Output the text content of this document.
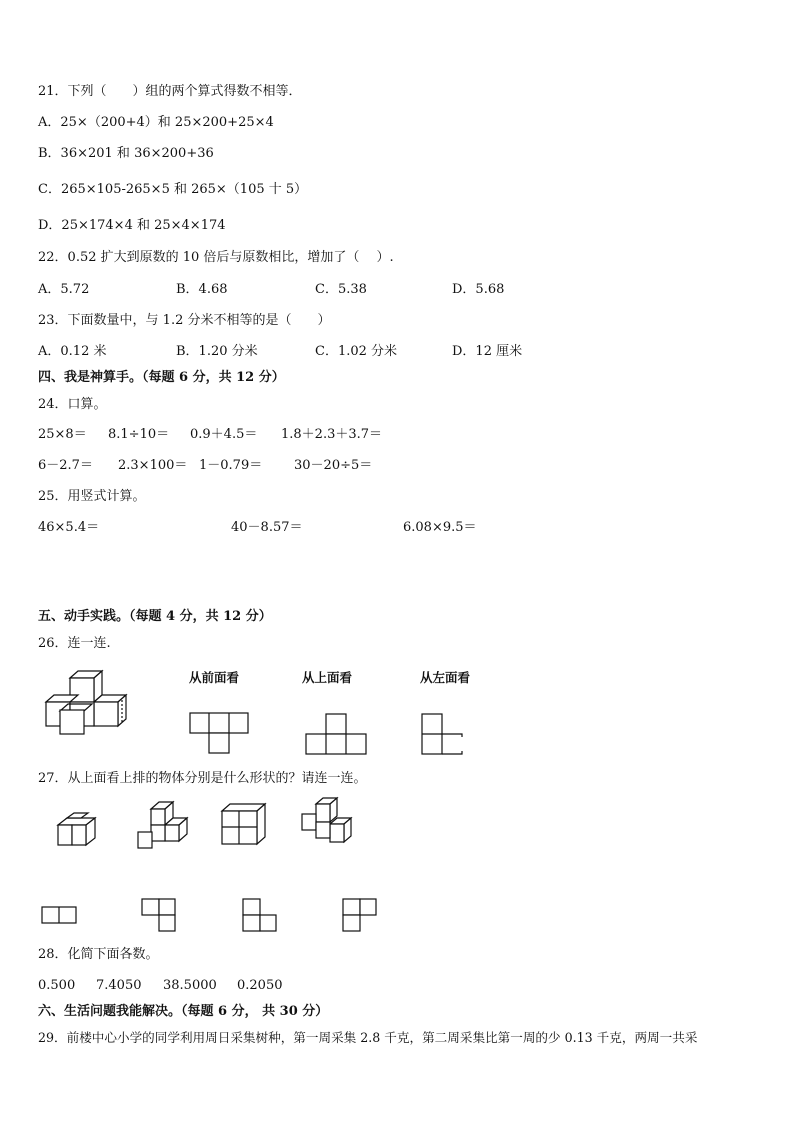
21．下列（　　）组的两个算式得数不相等．
A．25×（200+4）和 25×200+25×4
B．36×201 和 36×200+36
C．265×105-265×5 和 265×（105 十 5）
D．25×174×4 和 25×4×174
22．0.52 扩大到原数的 10 倍后与原数相比，增加了（　 ）.
A．5.72	B．4.68	C．5.38	D．5.68
23．下面数量中，与 1.2 分米不相等的是（　　）
A．0.12 米	B．1.20 分米	C．1.02 分米	D．12 厘米
四、我是神算手。（每题 6 分，共 12 分）
24．口算。
25×8＝ 8.1÷10＝ 0.9＋4.5＝ 1.8＋2.3＋3.7＝
6－2.7＝ 2.3×100＝ 1－0.79＝ 30－20÷5＝
25．用竖式计算。
46×5.4＝	40－8.57＝	6.08×9.5＝
五、动手实践。（每题 4 分，共 12 分）
26．连一连.
从前面看	从上面看	从左面看
27．从上面看上排的物体分别是什么形状的？请连一连。
28．化简下面各数。
0.500 7.4050 38.5000 0.2050
六、生活问题我能解决。（每题 6 分， 共 30 分）
29．前楼中心小学的同学利用周日采集树种，第一周采集 2.8 千克，第二周采集比第一周的少 0.13 千克，两周一共采
